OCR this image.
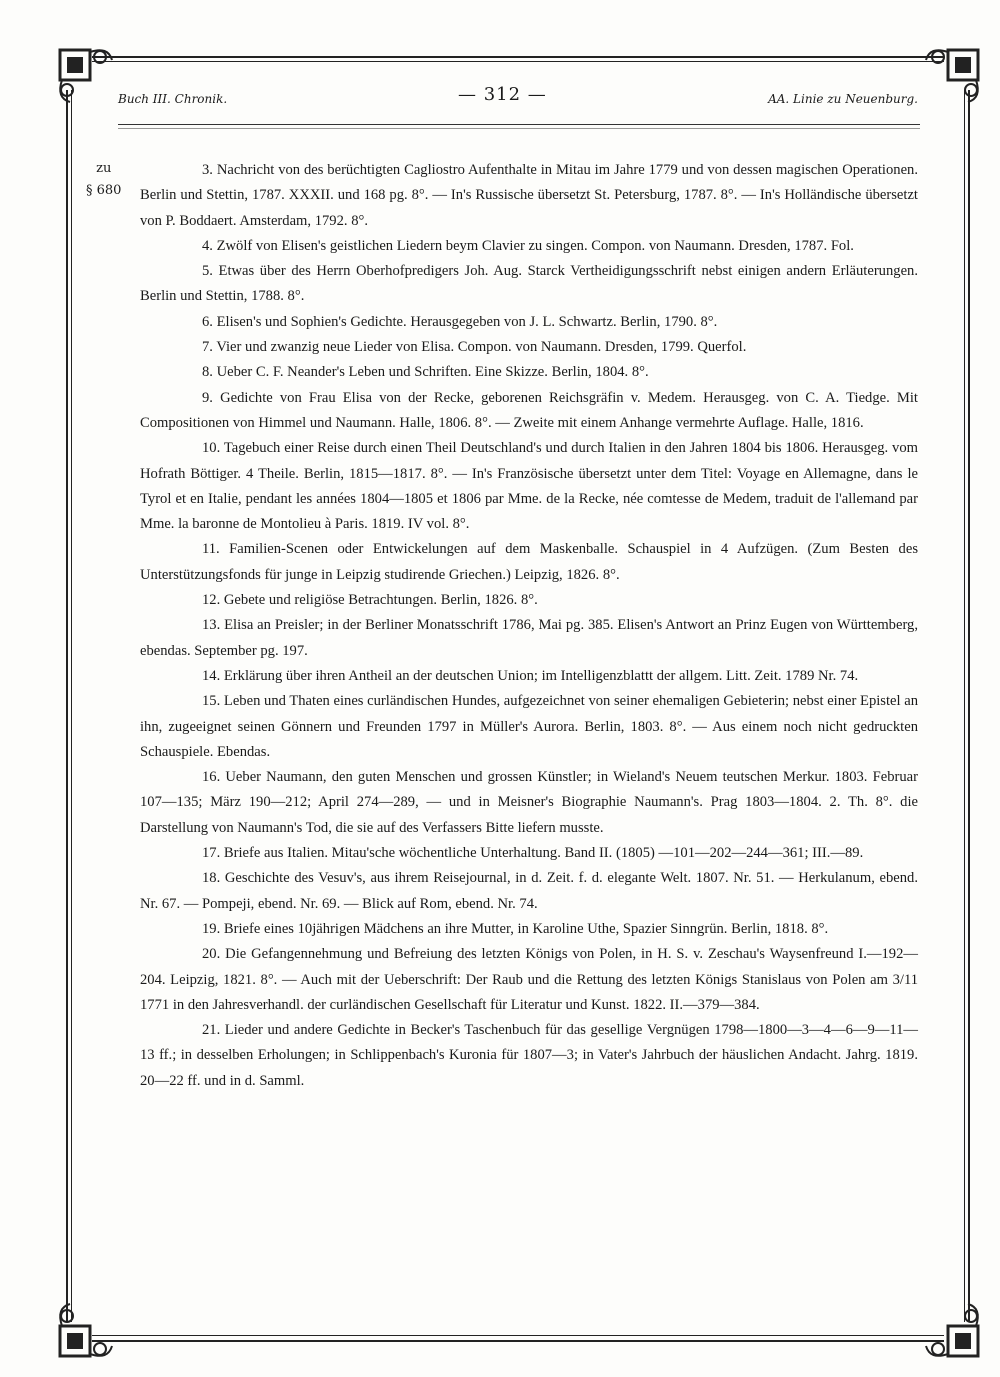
Buch III. Chronik.	— 312 —	AA. Linie zu Neuenburg.
zu
§ 680

3. Nachricht von des berüchtigten Cagliostro Aufenthalte in Mitau im Jahre 1779 und von dessen magischen Operationen. Berlin und Stettin, 1787. XXXII. und 168 pg. 8°. — In's Russische übersetzt St. Petersburg, 1787. 8°. — In's Holländische übersetzt von P. Boddaert. Amsterdam, 1792. 8°.

4. Zwölf von Elisen's geistlichen Liedern beym Clavier zu singen. Compon. von Naumann. Dresden, 1787. Fol.

5. Etwas über des Herrn Oberhofpredigers Joh. Aug. Starck Vertheidigungsschrift nebst einigen andern Erläuterungen. Berlin und Stettin, 1788. 8°.

6. Elisen's und Sophien's Gedichte. Herausgegeben von J. L. Schwartz. Berlin, 1790. 8°.

7. Vier und zwanzig neue Lieder von Elisa. Compon. von Naumann. Dresden, 1799. Querfol.

8. Ueber C. F. Neander's Leben und Schriften. Eine Skizze. Berlin, 1804. 8°.

9. Gedichte von Frau Elisa von der Recke, geborenen Reichsgräfin v. Medem. Herausgeg. von C. A. Tiedge. Mit Compositionen von Himmel und Naumann. Halle, 1806. 8°. — Zweite mit einem Anhange vermehrte Auflage. Halle, 1816.

10. Tagebuch einer Reise durch einen Theil Deutschland's und durch Italien in den Jahren 1804 bis 1806. Herausgeg. vom Hofrath Böttiger. 4 Theile. Berlin, 1815—1817. 8°. — In's Französische übersetzt unter dem Titel: Voyage en Allemagne, dans le Tyrol et en Italie, pendant les années 1804—1805 et 1806 par Mme. de la Recke, née comtesse de Medem, traduit de l'allemand par Mme. la baronne de Montolieu à Paris. 1819. IV vol. 8°.

11. Familien-Scenen oder Entwickelungen auf dem Maskenballe. Schauspiel in 4 Aufzügen. (Zum Besten des Unterstützungsfonds für junge in Leipzig studirende Griechen.) Leipzig, 1826. 8°.

12. Gebete und religiöse Betrachtungen. Berlin, 1826. 8°.

13. Elisa an Preisler; in der Berliner Monatsschrift 1786, Mai pg. 385. Elisen's Antwort an Prinz Eugen von Württemberg, ebendas. September pg. 197.

14. Erklärung über ihren Antheil an der deutschen Union; im Intelligenzblattt der allgem. Litt. Zeit. 1789 Nr. 74.

15. Leben und Thaten eines curländischen Hundes, aufgezeichnet von seiner ehemaligen Gebieterin; nebst einer Epistel an ihn, zugeeignet seinen Gönnern und Freunden 1797 in Müller's Aurora. Berlin, 1803. 8°. — Aus einem noch nicht gedruckten Schauspiele. Ebendas.

16. Ueber Naumann, den guten Menschen und grossen Künstler; in Wieland's Neuem teutschen Merkur. 1803. Februar 107—135; März 190—212; April 274—289, — und in Meisner's Biographie Naumann's. Prag 1803—1804. 2. Th. 8°. die Darstellung von Naumann's Tod, die sie auf des Verfassers Bitte liefern musste.

17. Briefe aus Italien. Mitau'sche wöchentliche Unterhaltung. Band II. (1805) —101—202—244—361; III.—89.

18. Geschichte des Vesuv's, aus ihrem Reisejournal, in d. Zeit. f. d. elegante Welt. 1807. Nr. 51. — Herkulanum, ebend. Nr. 67. — Pompeji, ebend. Nr. 69. — Blick auf Rom, ebend. Nr. 74.

19. Briefe eines 10jährigen Mädchens an ihre Mutter, in Karoline Uthe, Spazier Sinngrün. Berlin, 1818. 8°.

20. Die Gefangennehmung und Befreiung des letzten Königs von Polen, in H. S. v. Zeschau's Waysenfreund I.—192—204. Leipzig, 1821. 8°. — Auch mit der Ueberschrift: Der Raub und die Rettung des letzten Königs Stanislaus von Polen am 3/11 1771 in den Jahresverhandl. der curländischen Gesellschaft für Literatur und Kunst. 1822. II.—379—384.

21. Lieder und andere Gedichte in Becker's Taschenbuch für das gesellige Vergnügen 1798—1800—3—4—6—9—11—13 ff.; in desselben Erholungen; in Schlippenbach's Kuronia für 1807—3; in Vater's Jahrbuch der häuslichen Andacht. Jahrg. 1819. 20—22 ff. und in d. Samml.
